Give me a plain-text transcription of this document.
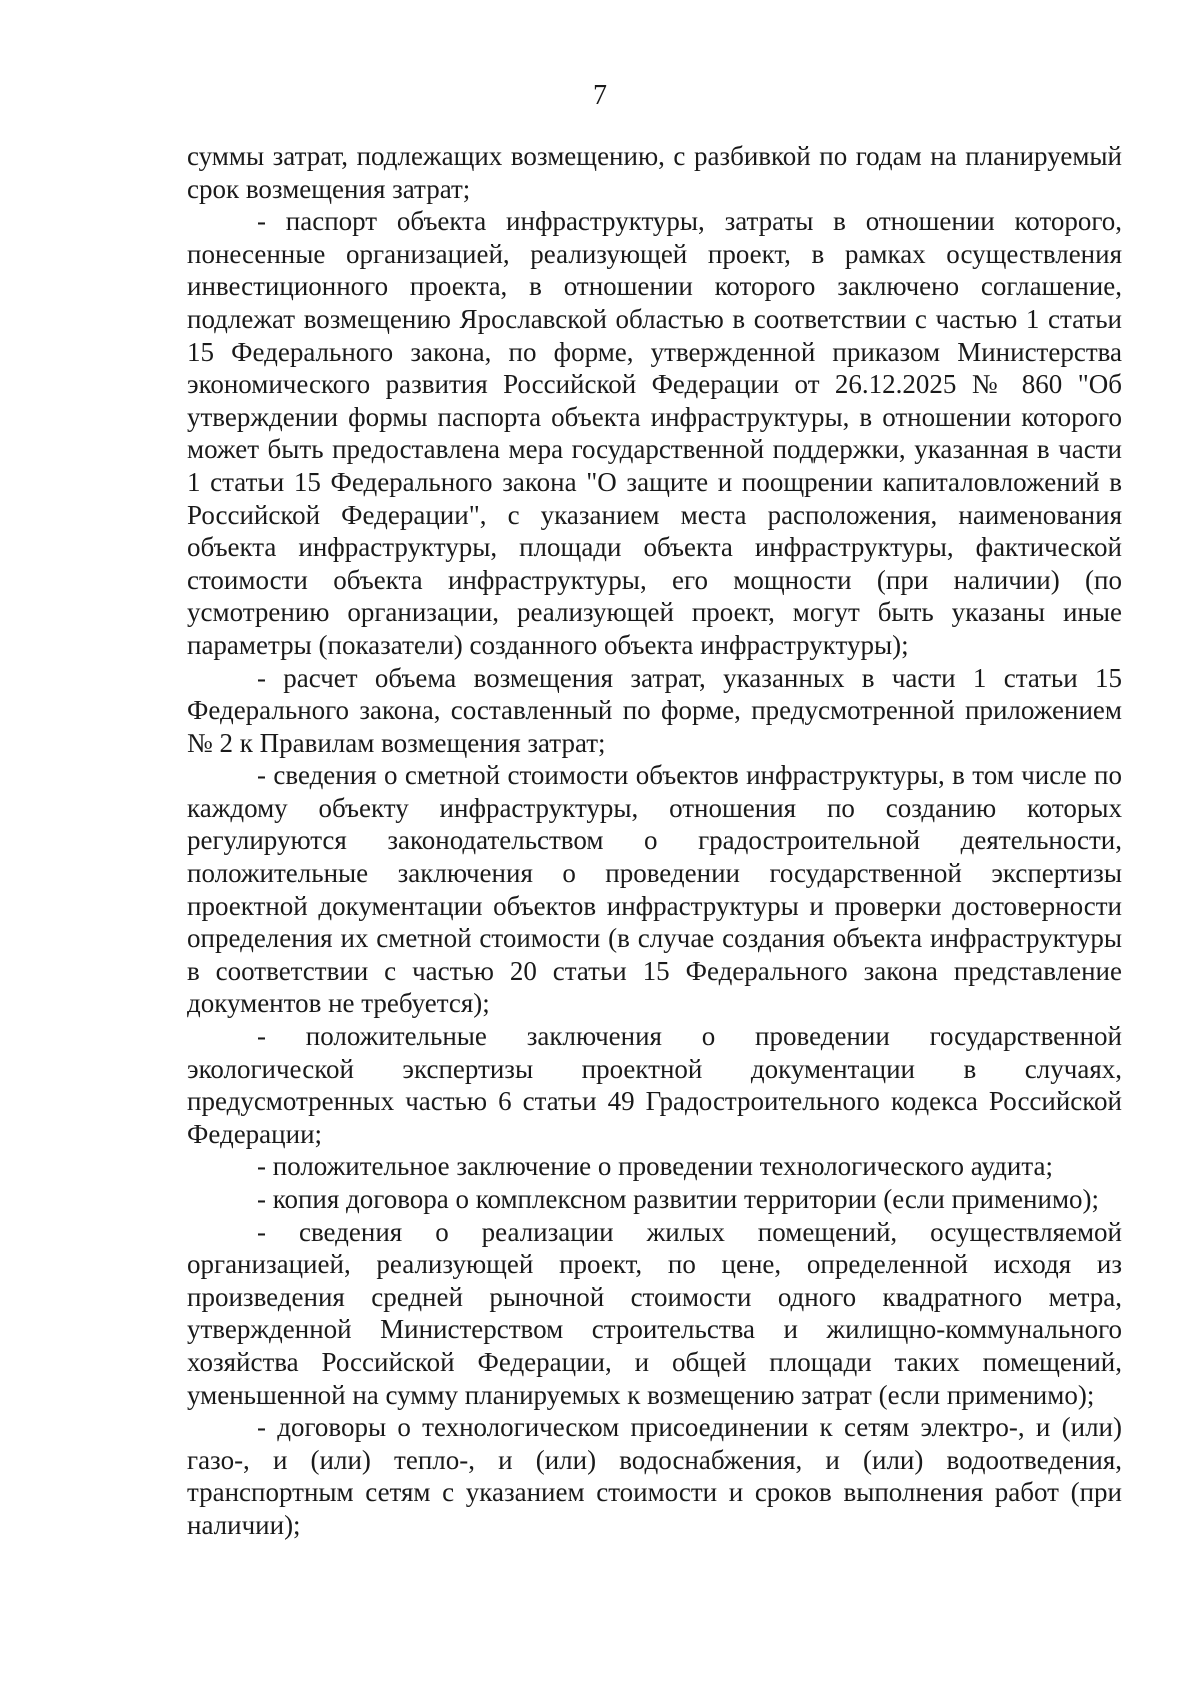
7

суммы затрат, подлежащих возмещению, с разбивкой по годам на планируемый срок возмещения затрат;

- паспорт объекта инфраструктуры, затраты в отношении которого, понесенные организацией, реализующей проект, в рамках осуществления инвестиционного проекта, в отношении которого заключено соглашение, подлежат возмещению Ярославской областью в соответствии с частью 1 статьи 15 Федерального закона, по форме, утвержденной приказом Министерства экономического развития Российской Федерации от 26.12.2025 № 860 "Об утверждении формы паспорта объекта инфраструктуры, в отношении которого может быть предоставлена мера государственной поддержки, указанная в части 1 статьи 15 Федерального закона "О защите и поощрении капиталовложений в Российской Федерации", с указанием места расположения, наименования объекта инфраструктуры, площади объекта инфраструктуры, фактической стоимости объекта инфраструктуры, его мощности (при наличии) (по усмотрению организации, реализующей проект, могут быть указаны иные параметры (показатели) созданного объекта инфраструктуры);

- расчет объема возмещения затрат, указанных в части 1 статьи 15 Федерального закона, составленный по форме, предусмотренной приложением № 2 к Правилам возмещения затрат;

- сведения о сметной стоимости объектов инфраструктуры, в том числе по каждому объекту инфраструктуры, отношения по созданию которых регулируются законодательством о градостроительной деятельности, положительные заключения о проведении государственной экспертизы проектной документации объектов инфраструктуры и проверки достоверности определения их сметной стоимости (в случае создания объекта инфраструктуры в соответствии с частью 20 статьи 15 Федерального закона представление документов не требуется);

- положительные заключения о проведении государственной экологической экспертизы проектной документации в случаях, предусмотренных частью 6 статьи 49 Градостроительного кодекса Российской Федерации;

- положительное заключение о проведении технологического аудита;

- копия договора о комплексном развитии территории (если применимо);

- сведения о реализации жилых помещений, осуществляемой организацией, реализующей проект, по цене, определенной исходя из произведения средней рыночной стоимости одного квадратного метра, утвержденной Министерством строительства и жилищно-коммунального хозяйства Российской Федерации, и общей площади таких помещений, уменьшенной на сумму планируемых к возмещению затрат (если применимо);

- договоры о технологическом присоединении к сетям электро-, и (или) газо-, и (или) тепло-, и (или) водоснабжения, и (или) водоотведения, транспортным сетям с указанием стоимости и сроков выполнения работ (при наличии);
